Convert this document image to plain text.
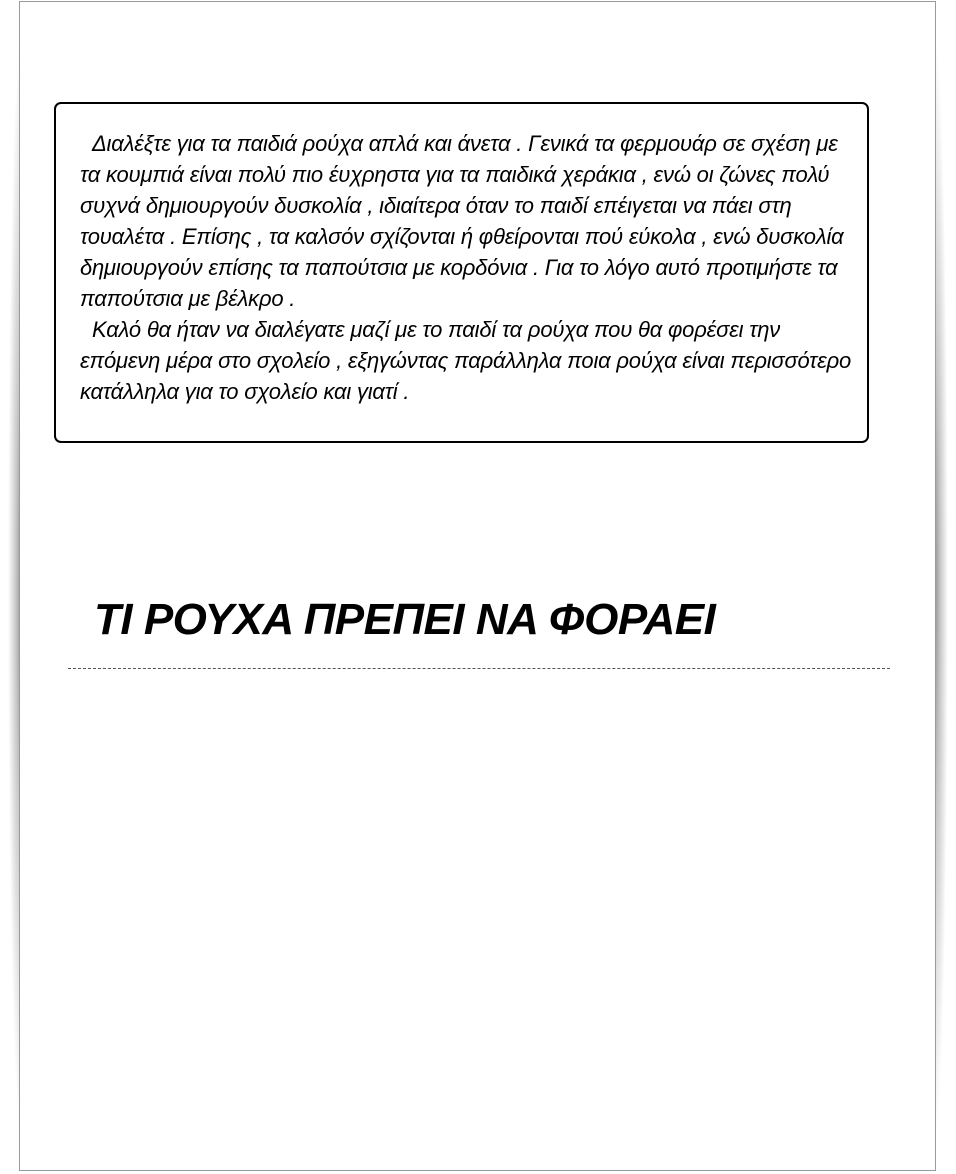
Διαλέξτε για τα παιδιά ρούχα απλά και άνετα . Γενικά τα φερμουάρ σε σχέση με τα κουμπιά είναι πολύ πιο έυχρηστα για τα παιδικά χεράκια , ενώ οι ζώνες πολύ συχνά δημιουργούν δυσκολία , ιδιαίτερα όταν το παιδί επέιγεται να πάει στη τουαλέτα . Επίσης , τα καλσόν σχίζονται ή φθείρονται πού εύκολα , ενώ δυσκολία δημιουργούν επίσης τα παπούτσια με κορδόνια . Για το λόγο αυτό προτιμήστε τα παπούτσια με βέλκρο .
Καλό θα ήταν να διαλέγατε μαζί με το παιδί τα ρούχα που θα φορέσει την επόμενη μέρα στο σχολείο , εξηγώντας παράλληλα ποια ρούχα είναι περισσότερο κατάλληλα για το σχολείο και γιατί .
ΤΙ ΡΟΥΧΑ ΠΡΕΠΕΙ ΝΑ ΦΟΡΑΕΙ
